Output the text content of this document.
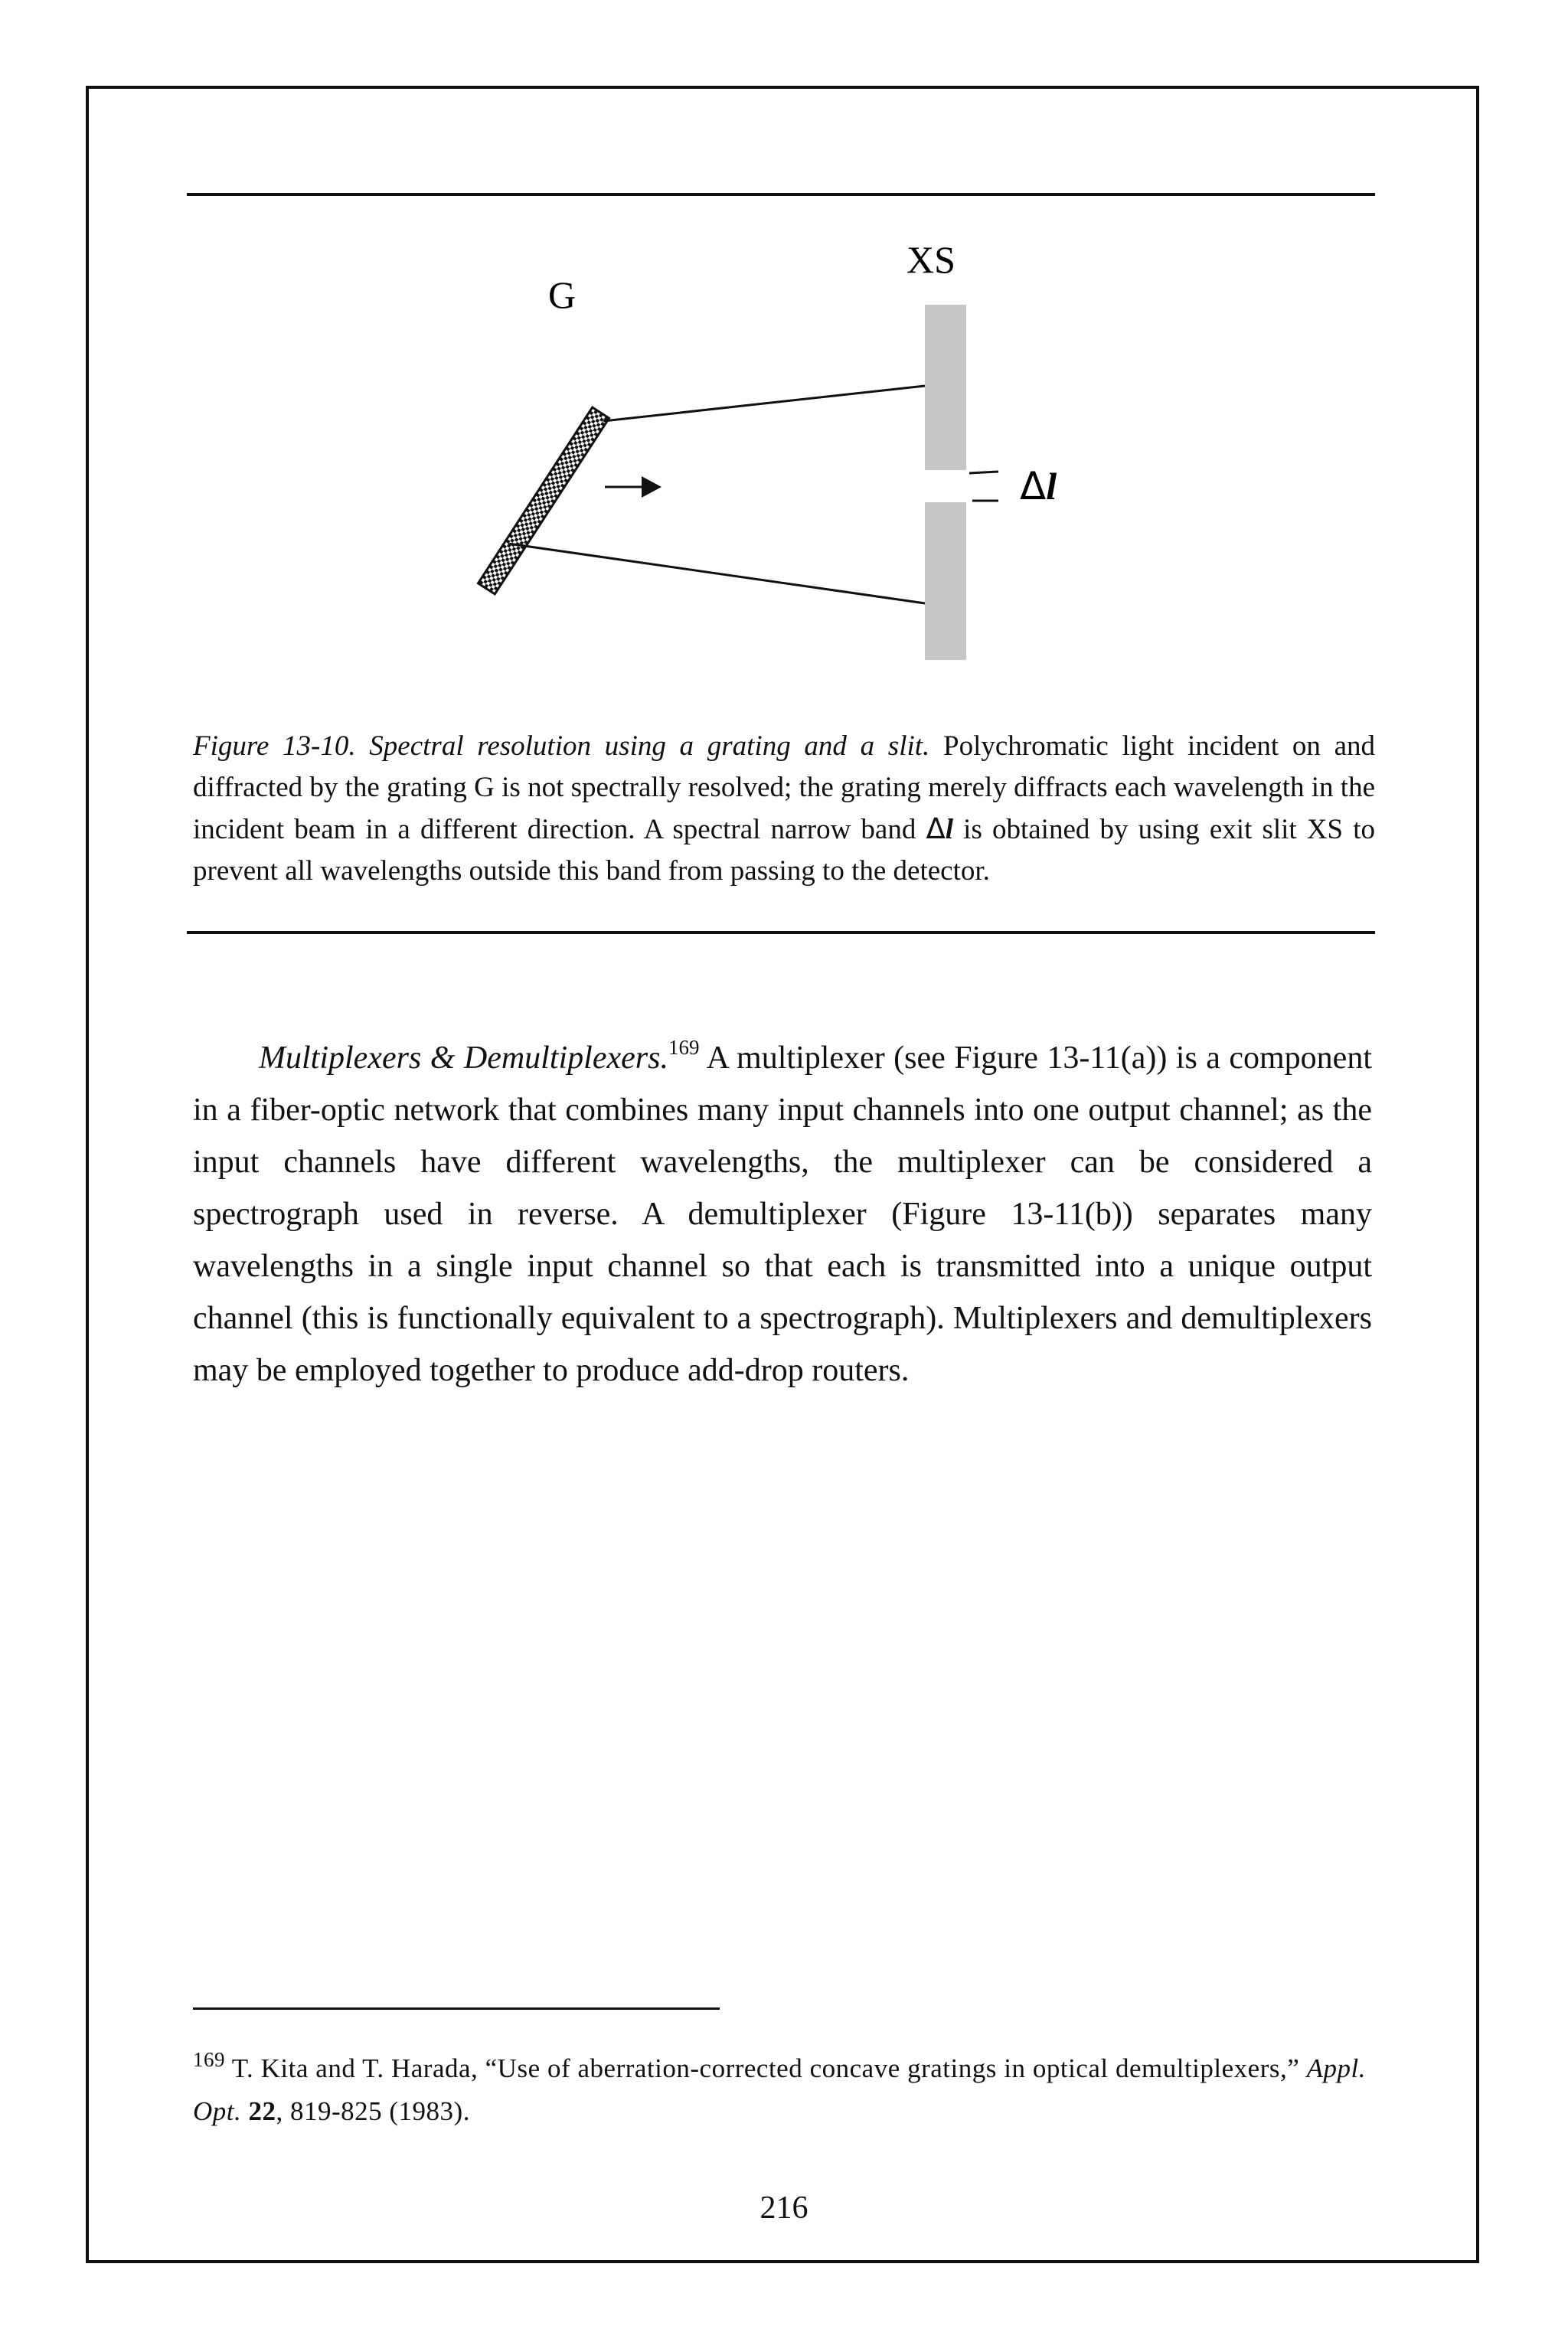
G
XS
Δl
Figure 13-10. Spectral resolution using a grating and a slit. Polychromatic light incident on and diffracted by the grating G is not spectrally resolved; the grating merely diffracts each wavelength in the incident beam in a different direction. A spectral narrow band Δl is obtained by using exit slit XS to prevent all wavelengths outside this band from passing to the detector.

Multiplexers & Demultiplexers.$^{169}$ A multiplexer (see Figure 13-11(a)) is a component in a fiber-optic network that combines many input channels into one output channel; as the input channels have different wavelengths, the multiplexer can be considered a spectrograph used in reverse. A demultiplexer (Figure 13-11(b)) separates many wavelengths in a single input channel so that each is transmitted into a unique output channel (this is functionally equivalent to a spectrograph). Multiplexers and demultiplexers may be employed together to produce add-drop routers.

$^{169}$ T. Kita and T. Harada, “Use of aberration-corrected concave gratings in optical demultiplexers,” Appl. Opt. 22, 819-825 (1983).
216
